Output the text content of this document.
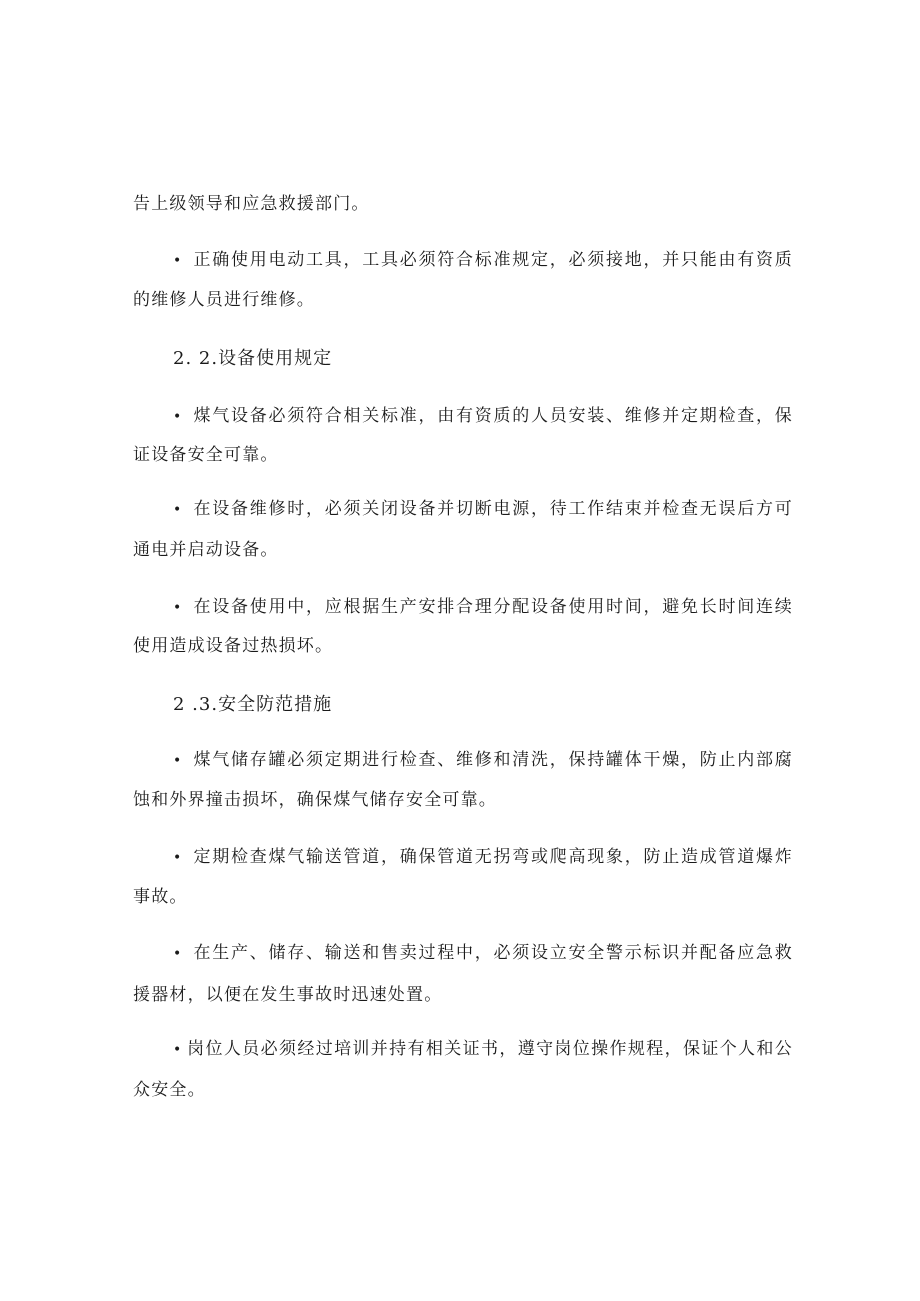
告上级领导和应急救援部门。
• 正确使用电动工具，工具必须符合标准规定，必须接地，并只能由有资质
的维修人员进行维修。
2. 2.设备使用规定
• 煤气设备必须符合相关标准，由有资质的人员安装、维修并定期检查，保
证设备安全可靠。
• 在设备维修时，必须关闭设备并切断电源，待工作结束并检查无误后方可
通电并启动设备。
• 在设备使用中，应根据生产安排合理分配设备使用时间，避免长时间连续
使用造成设备过热损坏。
2 .3.安全防范措施
• 煤气储存罐必须定期进行检查、维修和清洗，保持罐体干燥，防止内部腐
蚀和外界撞击损坏，确保煤气储存安全可靠。
• 定期检查煤气输送管道，确保管道无拐弯或爬高现象，防止造成管道爆炸
事故。
• 在生产、储存、输送和售卖过程中，必须设立安全警示标识并配备应急救
援器材，以便在发生事故时迅速处置。
• 岗位人员必须经过培训并持有相关证书，遵守岗位操作规程，保证个人和公
众安全。
